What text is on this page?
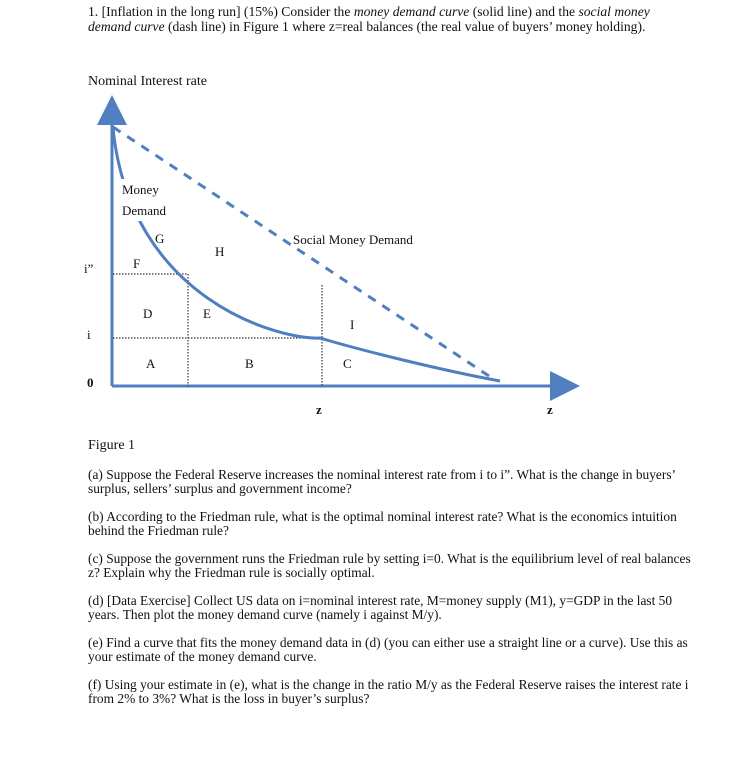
1. [Inflation in the long run] (15%) Consider the money demand curve (solid line) and the social money demand curve (dash line) in Figure 1 where z=real balances (the real value of buyers’ money holding).
Nominal Interest rate
Money
Demand
Social Money Demand
G
H
F
D	E
I
A	B	C
i”
i
0
z	z
Figure 1

(a) Suppose the Federal Reserve increases the nominal interest rate from i to i”. What is the change in buyers’ surplus, sellers’ surplus and government income?

(b) According to the Friedman rule, what is the optimal nominal interest rate? What is the economics intuition behind the Friedman rule?

(c) Suppose the government runs the Friedman rule by setting i=0. What is the equilibrium level of real balances z? Explain why the Friedman rule is socially optimal.

(d) [Data Exercise] Collect US data on i=nominal interest rate, M=money supply (M1), y=GDP in the last 50 years. Then plot the money demand curve (namely i against M/y).

(e) Find a curve that fits the money demand data in (d) (you can either use a straight line or a curve). Use this as your estimate of the money demand curve.

(f) Using your estimate in (e), what is the change in the ratio M/y as the Federal Reserve raises the interest rate i from 2% to 3%? What is the loss in buyer’s surplus?
